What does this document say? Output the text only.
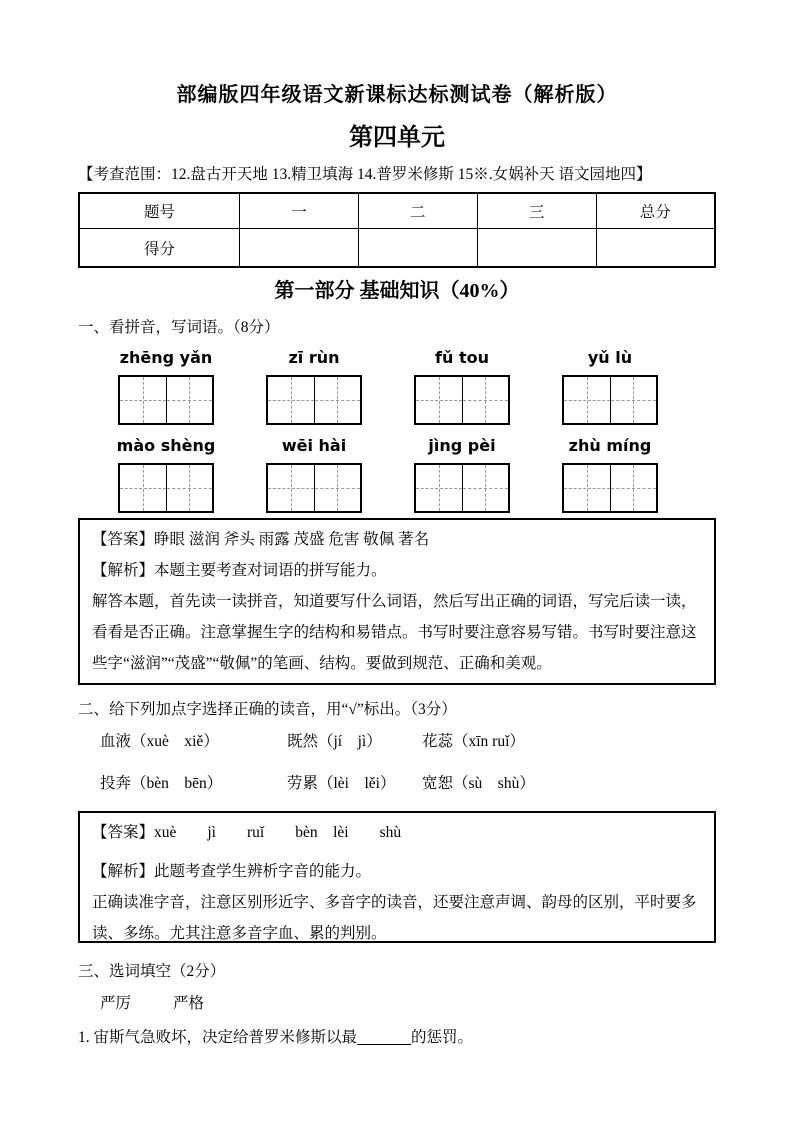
部编版四年级语文新课标达标测试卷（解析版）
第四单元
【考查范围：12.盘古开天地 13.精卫填海 14.普罗米修斯 15※.女娲补天 语文园地四】
题号	一	二	三	总分
得分				
第一部分 基础知识（40%）
一、看拼音，写词语。（8分）
zhēng yǎn	zī rùn	fǔ tou	yǔ lù
mào shèng	wēi hài	jìng pèi	zhù míng

【答案】睁眼 滋润 斧头 雨露 茂盛 危害 敬佩 著名

【解析】本题主要考查对词语的拼写能力。

解答本题，首先读一读拼音，知道要写什么词语，然后写出正确的词语，写完后读一读，看看是否正确。注意掌握生字的结构和易错点。书写时要注意容易写错。书写时要注意这些字“滋润”“茂盛”“敬佩”的笔画、结构。要做到规范、正确和美观。

二、给下列加点字选择正确的读音，用“√”标出。（3分）
血液（xuè　xiě）	既然（jí　jì）	花蕊（xīn ruǐ）
投奔（bèn　bēn）	劳累（lèi　lěi）	宽恕（sù　shù）

【答案】xuè　　jì　　ruǐ　　bèn　lèi　　shù

【解析】此题考查学生辨析字音的能力。

正确读准字音，注意区别形近字、多音字的读音，还要注意声调、韵母的区别，平时要多读、多练。尤其注意多音字血、累的判别。

三、选词填空（2分）
严厉	严格
1. 宙斯气急败坏，决定给普罗米修斯以最	的惩罚。
